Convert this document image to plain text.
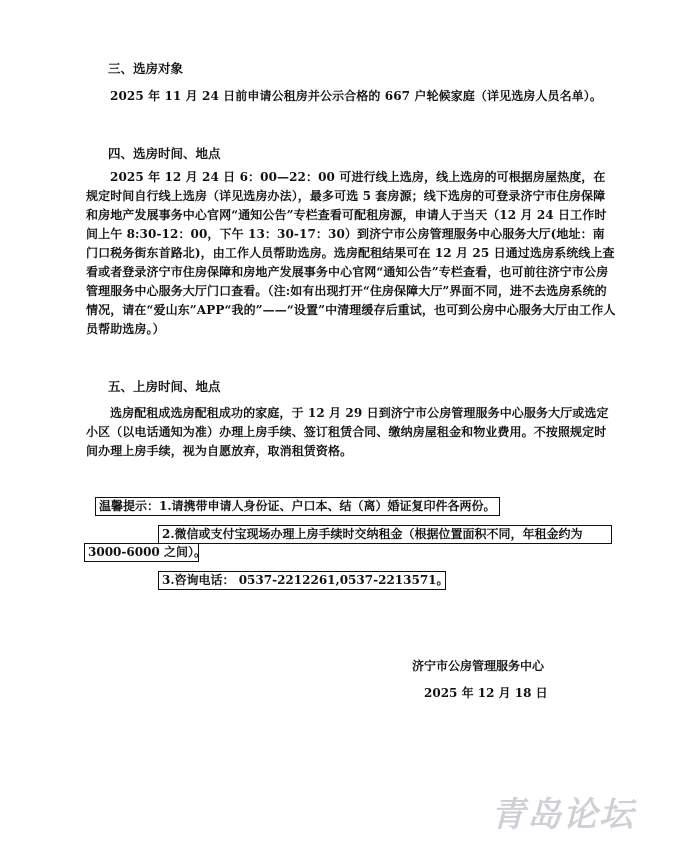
三、选房对象

2025 年 11 月 24 日前申请公租房并公示合格的 667 户轮候家庭（详见选房人员名单）。

四、选房时间、地点

2025 年 12 月 24 日 6：00—22：00 可进行线上选房，线上选房的可根据房屋热度，在规定时间自行线上选房（详见选房办法），最多可选 5 套房源；线下选房的可登录济宁市住房保障和房地产发展事务中心官网“通知公告”专栏查看可配租房源，申请人于当天（12 月 24 日工作时间上午 8:30-12：00，下午 13：30-17：30）到济宁市公房管理服务中心服务大厅(地址：南门口税务街东首路北)，由工作人员帮助选房。选房配租结果可在 12 月 25 日通过选房系统线上查看或者登录济宁市住房保障和房地产发展事务中心官网“通知公告”专栏查看，也可前往济宁市公房管理服务中心服务大厅门口查看。（注:如有出现打开“住房保障大厅”界面不同，进不去选房系统的情况，请在“爱山东”APP“我的”——“设置”中清理缓存后重试，也可到公房中心服务大厅由工作人员帮助选房。）

五、上房时间、地点

选房配租成选房配租成功的家庭，于 12 月 29 日到济宁市公房管理服务中心服务大厅或选定小区（以电话通知为准）办理上房手续、签订租赁合同、缴纳房屋租金和物业费用。不按照规定时间办理上房手续，视为自愿放弃，取消租赁资格。

温馨提示：1.请携带申请人身份证、户口本、结（离）婚证复印件各两份。
2.微信或支付宝现场办理上房手续时交纳租金（根据位置面积不同，年租金约为
3000-6000 之间）。
3.咨询电话： 0537-2212261,0537-2213571。
济宁市公房管理服务中心
2025 年 12 月 18 日
青岛论坛
